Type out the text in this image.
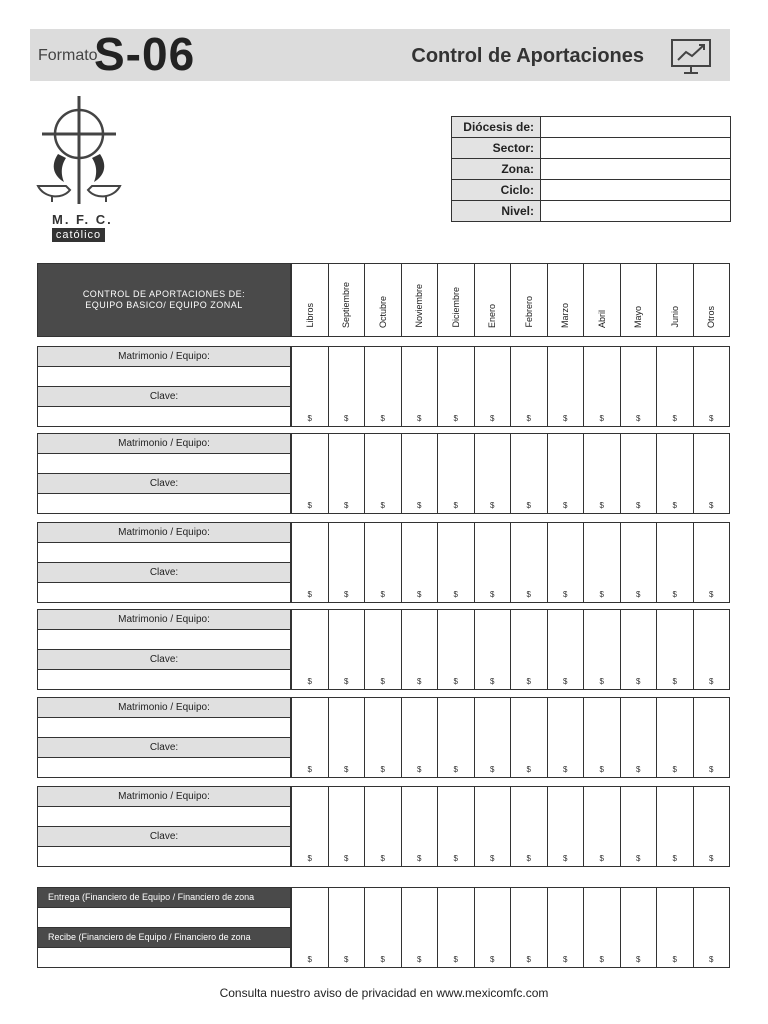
Formato
S-06	Control de Aportaciones
M. F. C.
católico
Diócesis de:	
Sector:	
Zona:	
Ciclo:	
Nivel:	
CONTROL DE APORTACIONES DE:
EQUIPO BASICO/ EQUIPO ZONAL	Libros	Septiembre	Octubre	Noviembre	Diciembre	Enero	Febrero	Marzo	Abril	Mayo	Junio	Otros
Matrimonio / Equipo:
Clave:
$	$	$	$	$	$	$	$	$	$	$	$
Matrimonio / Equipo:
Clave:
$	$	$	$	$	$	$	$	$	$	$	$
Matrimonio / Equipo:
Clave:
$	$	$	$	$	$	$	$	$	$	$	$
Matrimonio / Equipo:
Clave:
$	$	$	$	$	$	$	$	$	$	$	$
Matrimonio / Equipo:
Clave:
$	$	$	$	$	$	$	$	$	$	$	$
Matrimonio / Equipo:
Clave:
$	$	$	$	$	$	$	$	$	$	$	$
Entrega (Financiero de Equipo / Financiero de zona
Recibe (Financiero de Equipo / Financiero de zona
$	$	$	$	$	$	$	$	$	$	$	$
Consulta nuestro aviso de privacidad en www.mexicomfc.com
